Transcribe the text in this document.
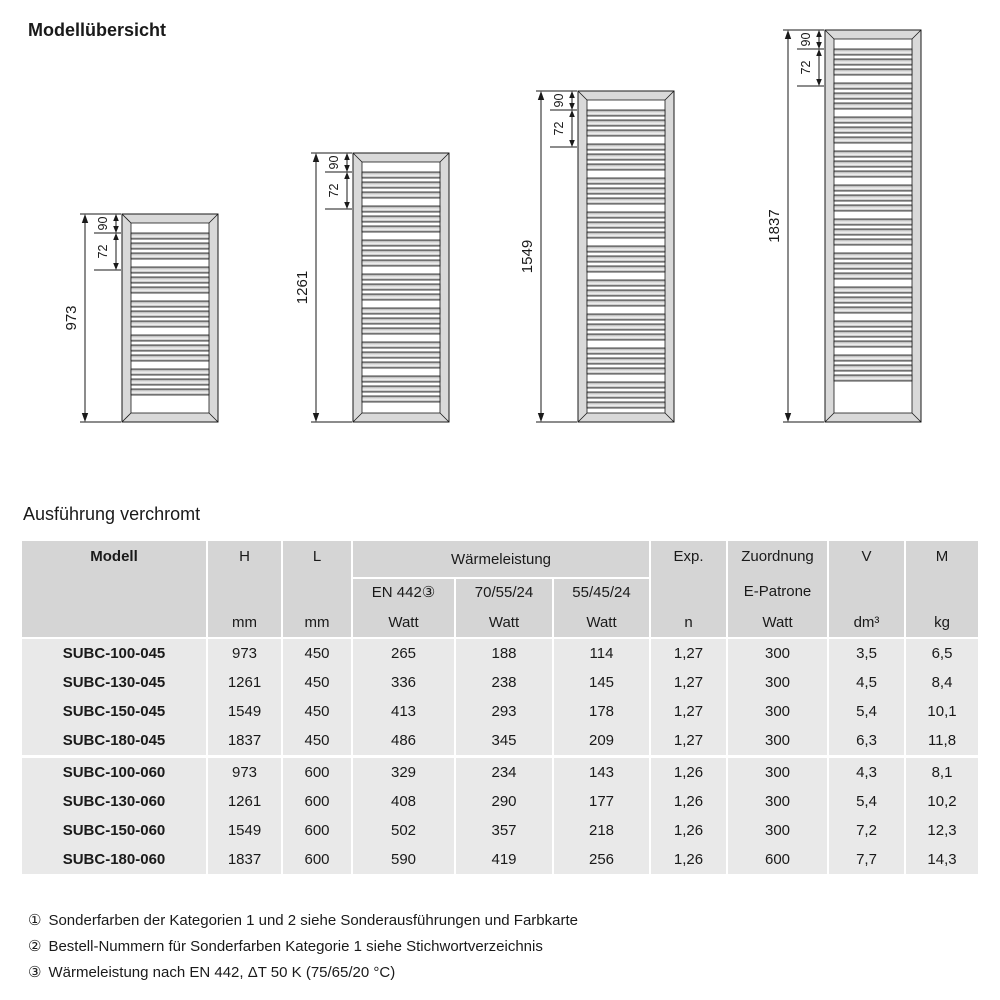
Modellübersicht
973
90
72
1261
90
72
1549
90
72
1837
90
72
Ausführung verchromt
Modell	H	L	Wärmeleistung			Exp.	Zuordnung	V	M
			EN 442③	70/55/24	55/45/24		E-Patrone		
	mm	mm	Watt	Watt	Watt	n	Watt	dm³	kg
SUBC-100-045	973	450	265	188	114	1,27	300	3,5	6,5
SUBC-130-045	1261	450	336	238	145	1,27	300	4,5	8,4
SUBC-150-045	1549	450	413	293	178	1,27	300	5,4	10,1
SUBC-180-045	1837	450	486	345	209	1,27	300	6,3	11,8
SUBC-100-060	973	600	329	234	143	1,26	300	4,3	8,1
SUBC-130-060	1261	600	408	290	177	1,26	300	5,4	10,2
SUBC-150-060	1549	600	502	357	218	1,26	300	7,2	12,3
SUBC-180-060	1837	600	590	419	256	1,26	600	7,7	14,3
① Sonderfarben der Kategorien 1 und 2 siehe Sonderausführungen und Farbkarte
② Bestell-Nummern für Sonderfarben Kategorie 1 siehe Stichwortverzeichnis
③ Wärmeleistung nach EN 442, ΔT 50 K (75/65/20 °C)
